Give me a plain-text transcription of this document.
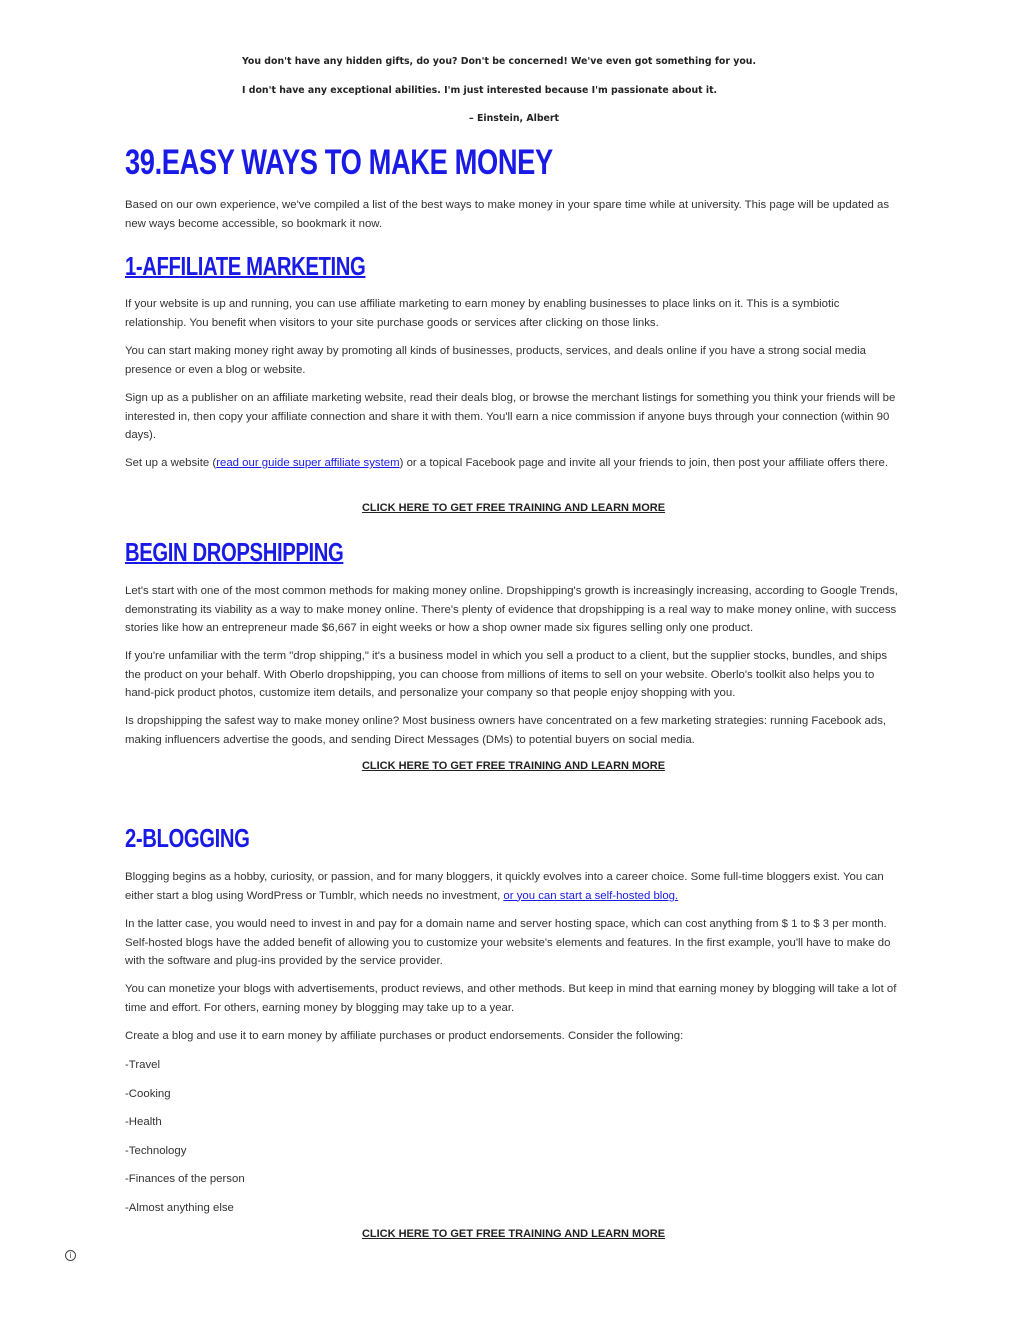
You don't have any hidden gifts, do you? Don't be concerned! We've even got something for you.
I don't have any exceptional abilities. I'm just interested because I'm passionate about it.
– Einstein, Albert
39.EASY WAYS TO MAKE MONEY

Based on our own experience, we've compiled a list of the best ways to make money in your spare time while at university. This page will be updated as new ways become accessible, so bookmark it now.

1-AFFILIATE MARKETING

If your website is up and running, you can use affiliate marketing to earn money by enabling businesses to place links on it. This is a symbiotic relationship. You benefit when visitors to your site purchase goods or services after clicking on those links.

You can start making money right away by promoting all kinds of businesses, products, services, and deals online if you have a strong social media presence or even a blog or website.

Sign up as a publisher on an affiliate marketing website, read their deals blog, or browse the merchant listings for something you think your friends will be interested in, then copy your affiliate connection and share it with them. You'll earn a nice commission if anyone buys through your connection (within 90 days).

Set up a website (read our guide super affiliate system) or a topical Facebook page and invite all your friends to join, then post your affiliate offers there.

CLICK HERE TO GET FREE TRAINING AND LEARN MORE
BEGIN DROPSHIPPING

Let's start with one of the most common methods for making money online. Dropshipping's growth is increasingly increasing, according to Google Trends, demonstrating its viability as a way to make money online. There's plenty of evidence that dropshipping is a real way to make money online, with success stories like how an entrepreneur made $6,667 in eight weeks or how a shop owner made six figures selling only one product.

If you're unfamiliar with the term "drop shipping," it's a business model in which you sell a product to a client, but the supplier stocks, bundles, and ships the product on your behalf. With Oberlo dropshipping, you can choose from millions of items to sell on your website. Oberlo's toolkit also helps you to hand-pick product photos, customize item details, and personalize your company so that people enjoy shopping with you.

Is dropshipping the safest way to make money online? Most business owners have concentrated on a few marketing strategies: running Facebook ads, making influencers advertise the goods, and sending Direct Messages (DMs) to potential buyers on social media.

CLICK HERE TO GET FREE TRAINING AND LEARN MORE
2-BLOGGING

Blogging begins as a hobby, curiosity, or passion, and for many bloggers, it quickly evolves into a career choice. Some full-time bloggers exist. You can either start a blog using WordPress or Tumblr, which needs no investment, or you can start a self-hosted blog.

In the latter case, you would need to invest in and pay for a domain name and server hosting space, which can cost anything from $ 1 to $ 3 per month. Self-hosted blogs have the added benefit of allowing you to customize your website's elements and features. In the first example, you'll have to make do with the software and plug-ins provided by the service provider.

You can monetize your blogs with advertisements, product reviews, and other methods. But keep in mind that earning money by blogging will take a lot of time and effort. For others, earning money by blogging may take up to a year.

Create a blog and use it to earn money by affiliate purchases or product endorsements. Consider the following:

-Travel

-Cooking

-Health

-Technology

-Finances of the person

-Almost anything else

CLICK HERE TO GET FREE TRAINING AND LEARN MORE
i
